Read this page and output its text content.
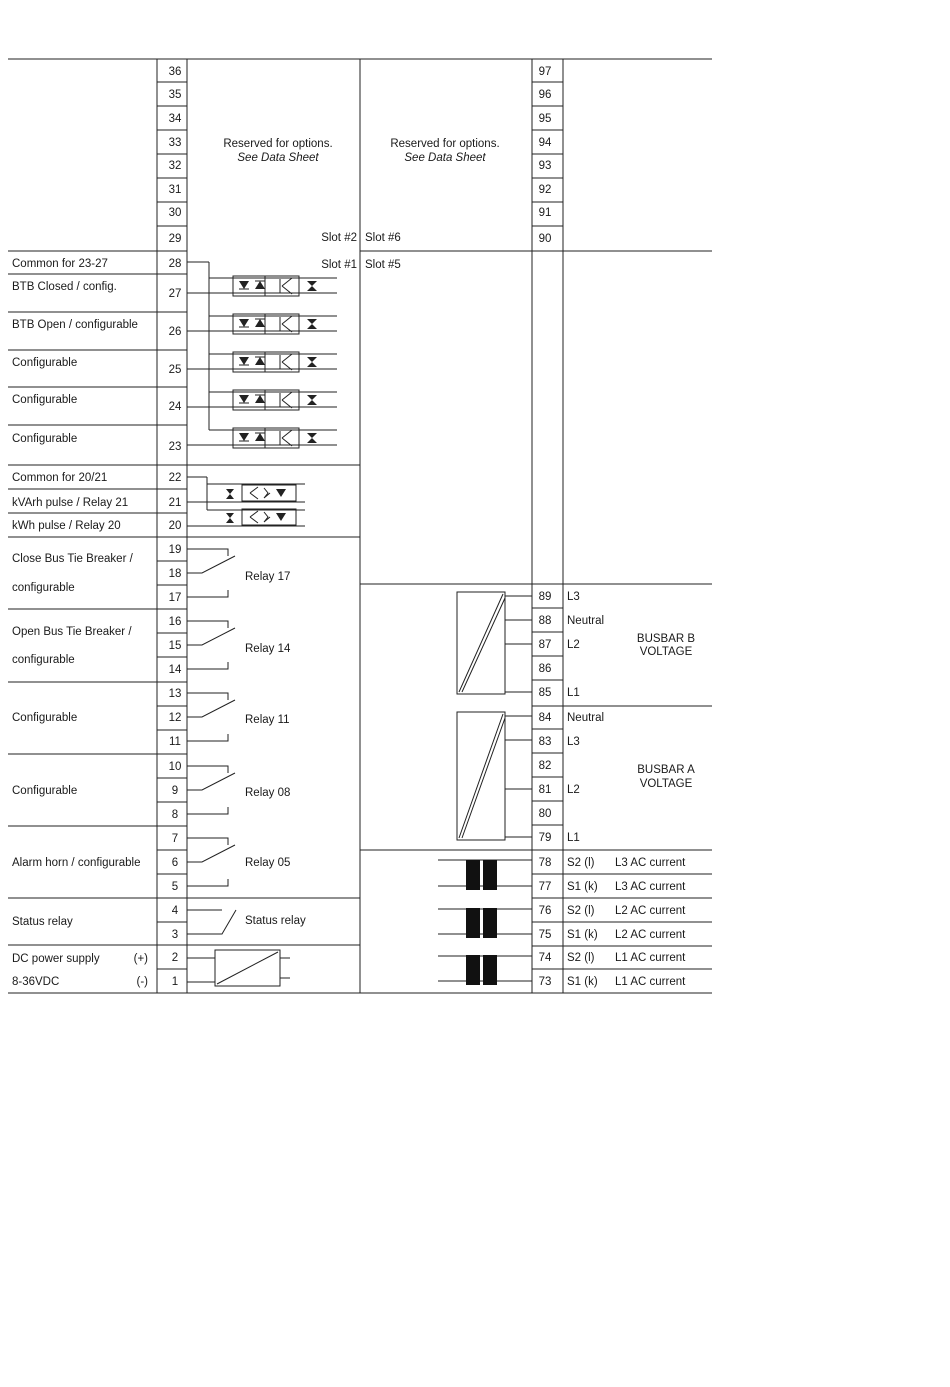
36
35
34
33
32
31
30
29
28
27
26
25
24
23
22
21
20
19
18
17
16
15
14
13
12
11
10
9
8
7
6
5
4
3
2
1
97
96
95
94
93
92
91
90
89
88
87
86
85
84
83
82
81
80
79
78
77
76
75
74
73
Reserved for options.
See Data Sheet
Reserved for options.
See Data Sheet
Slot #2 Slot #6
Slot #1 Slot #5
Common for 23-27
BTB Closed / config.
BTB Open / configurable
Configurable
Configurable
Configurable
Common for 20/21
kVArh pulse / Relay 21
kWh pulse / Relay 20
Close Bus Tie Breaker /
configurable
Open Bus Tie Breaker /
configurable
Configurable
Configurable
Alarm horn / configurable
Status relay
DC power supply	(+)
8-36VDC	(-)
Relay 17
Relay 14
Relay 11
Relay 08
Relay 05
Status relay
L3
Neutral
L2
L1
Neutral
L3
L2
L1
S2 (l) L3 AC current
S1 (k) L3 AC current
S2 (l) L2 AC current
S1 (k) L2 AC current
S2 (l) L1 AC current
S1 (k) L1 AC current
BUSBAR B
VOLTAGE
BUSBAR A
VOLTAGE
